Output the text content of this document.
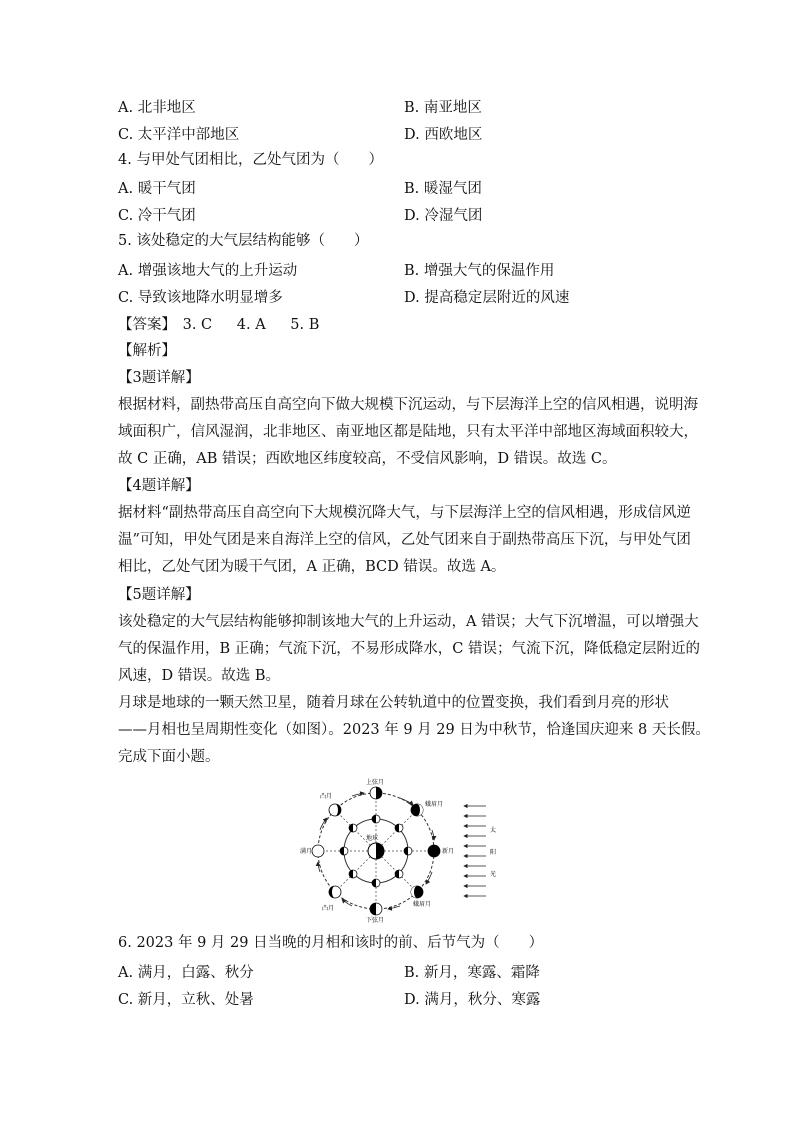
A. 北非地区	B. 南亚地区
C. 太平洋中部地区	D. 西欧地区
4. 与甲处气团相比，乙处气团为（　　）
A. 暖干气团	B. 暖湿气团
C. 冷干气团	D. 冷湿气团
5. 该处稳定的大气层结构能够（　　）
A. 增强该地大气的上升运动	B. 增强大气的保温作用
C. 导致该地降水明显增多	D. 提高稳定层附近的风速
【答案】 3. C 4. A 5. B
【解析】
【3题详解】
根据材料，副热带高压自高空向下做大规模下沉运动，与下层海洋上空的信风相遇，说明海
域面积广，信风湿润，北非地区、南亚地区都是陆地，只有太平洋中部地区海域面积较大，
故 C 正确，AB 错误；西欧地区纬度较高，不受信风影响，D 错误。故选 C。
【4题详解】
据材料“副热带高压自高空向下大规模沉降大气，与下层海洋上空的信风相遇，形成信风逆
温”可知，甲处气团是来自海洋上空的信风，乙处气团来自于副热带高压下沉，与甲处气团
相比，乙处气团为暖干气团，A 正确，BCD 错误。故选 A。
【5题详解】
该处稳定的大气层结构能够抑制该地大气的上升运动，A 错误；大气下沉增温，可以增强大
气的保温作用，B 正确；气流下沉，不易形成降水，C 错误；气流下沉，降低稳定层附近的
风速，D 错误。故选 B。
月球是地球的一颗天然卫星，随着月球在公转轨道中的位置变换，我们看到月亮的形状
——月相也呈周期性变化（如图）。2023 年 9 月 29 日为中秋节，恰逢国庆迎来 8 天长假。
完成下面小题。
地球
上弦月
下弦月
满月	新月
凸月
蛾眉月
凸月
蛾眉月
太
阳
光
6. 2023 年 9 月 29 日当晚的月相和该时的前、后节气为（　　）
A. 满月，白露、秋分	B. 新月，寒露、霜降
C. 新月，立秋、处暑	D. 满月，秋分、寒露
